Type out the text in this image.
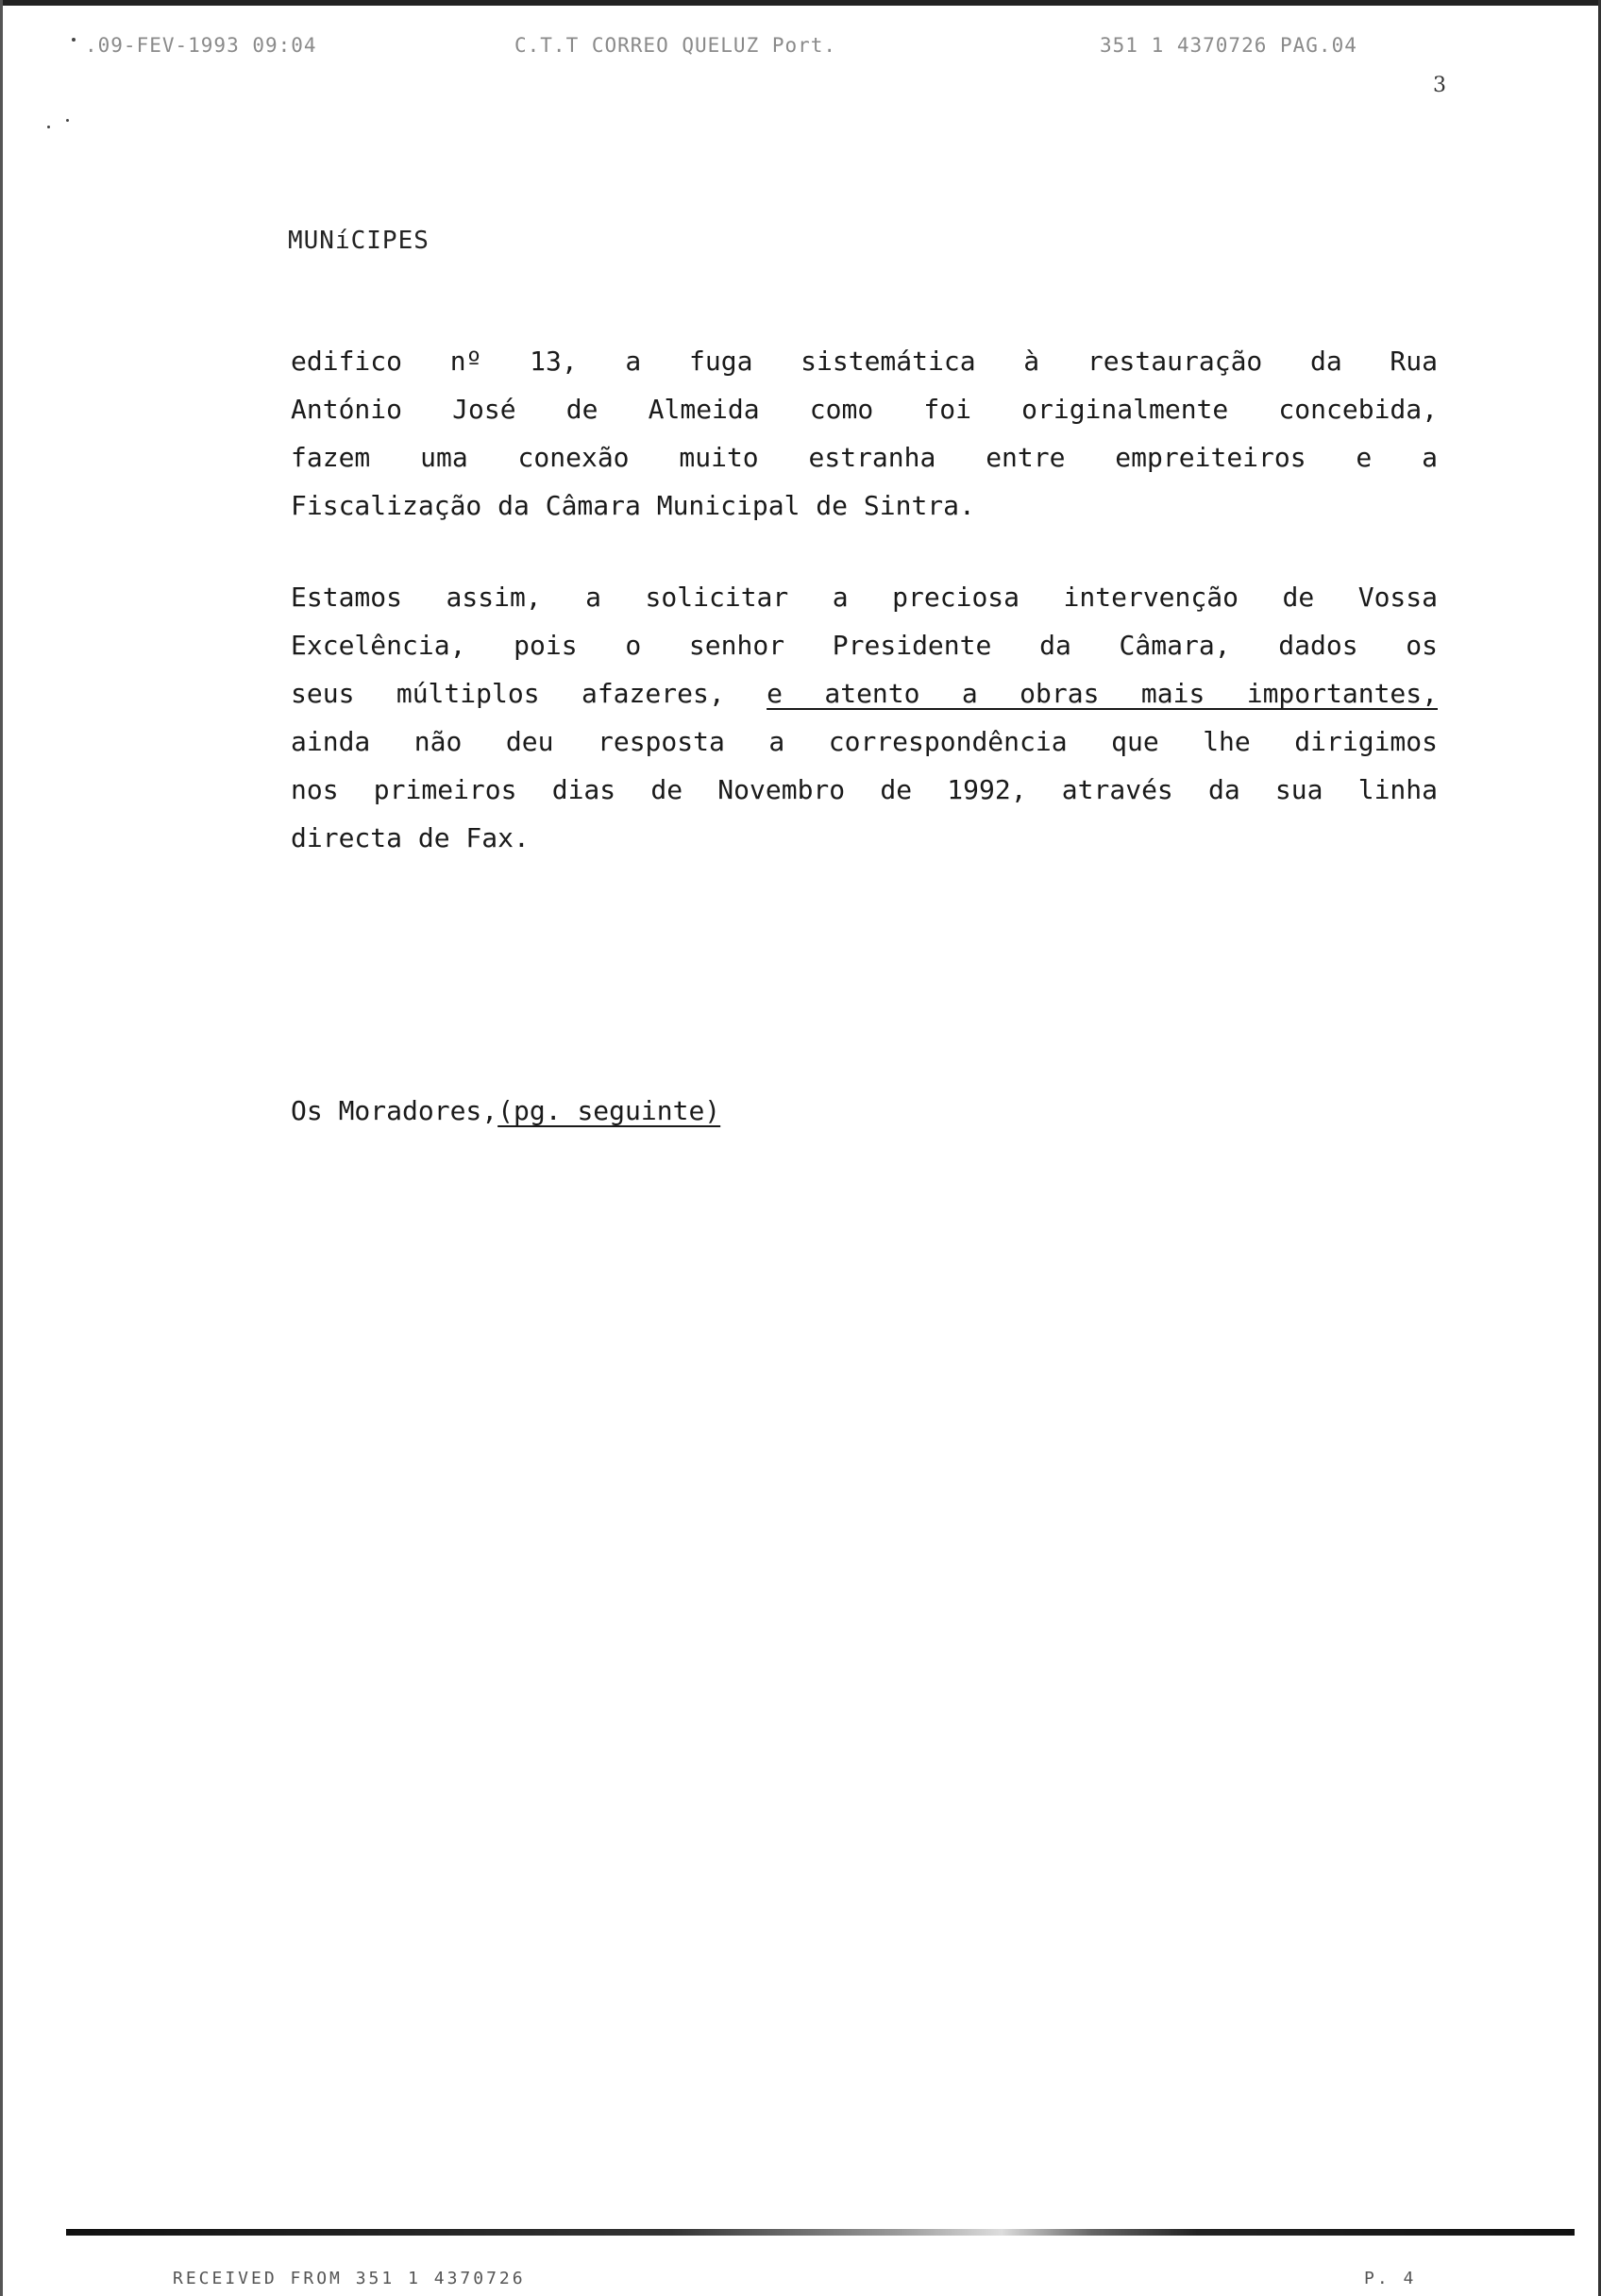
.09-FEV-1993 09:04	C.T.T CORREO QUELUZ Port.	351 1 4370726 PAG.04
3
MUNíCIPES
edifico nº 13, a fuga sistemática à restauração da Rua
António José de Almeida como foi originalmente concebida,
fazem uma conexão muito estranha entre empreiteiros e a
Fiscalização da Câmara Municipal de Sintra.
Estamos assim, a solicitar a preciosa intervenção de Vossa
Excelência, pois o senhor Presidente da Câmara, dados os
seus múltiplos afazeres, e atento a obras mais importantes,
ainda não deu resposta a correspondência que lhe dirigimos
nos primeiros dias de Novembro de 1992, através da sua linha
directa de Fax.
Os Moradores,(pg. seguinte)
RECEIVED FROM 351 1 4370726	P. 4
